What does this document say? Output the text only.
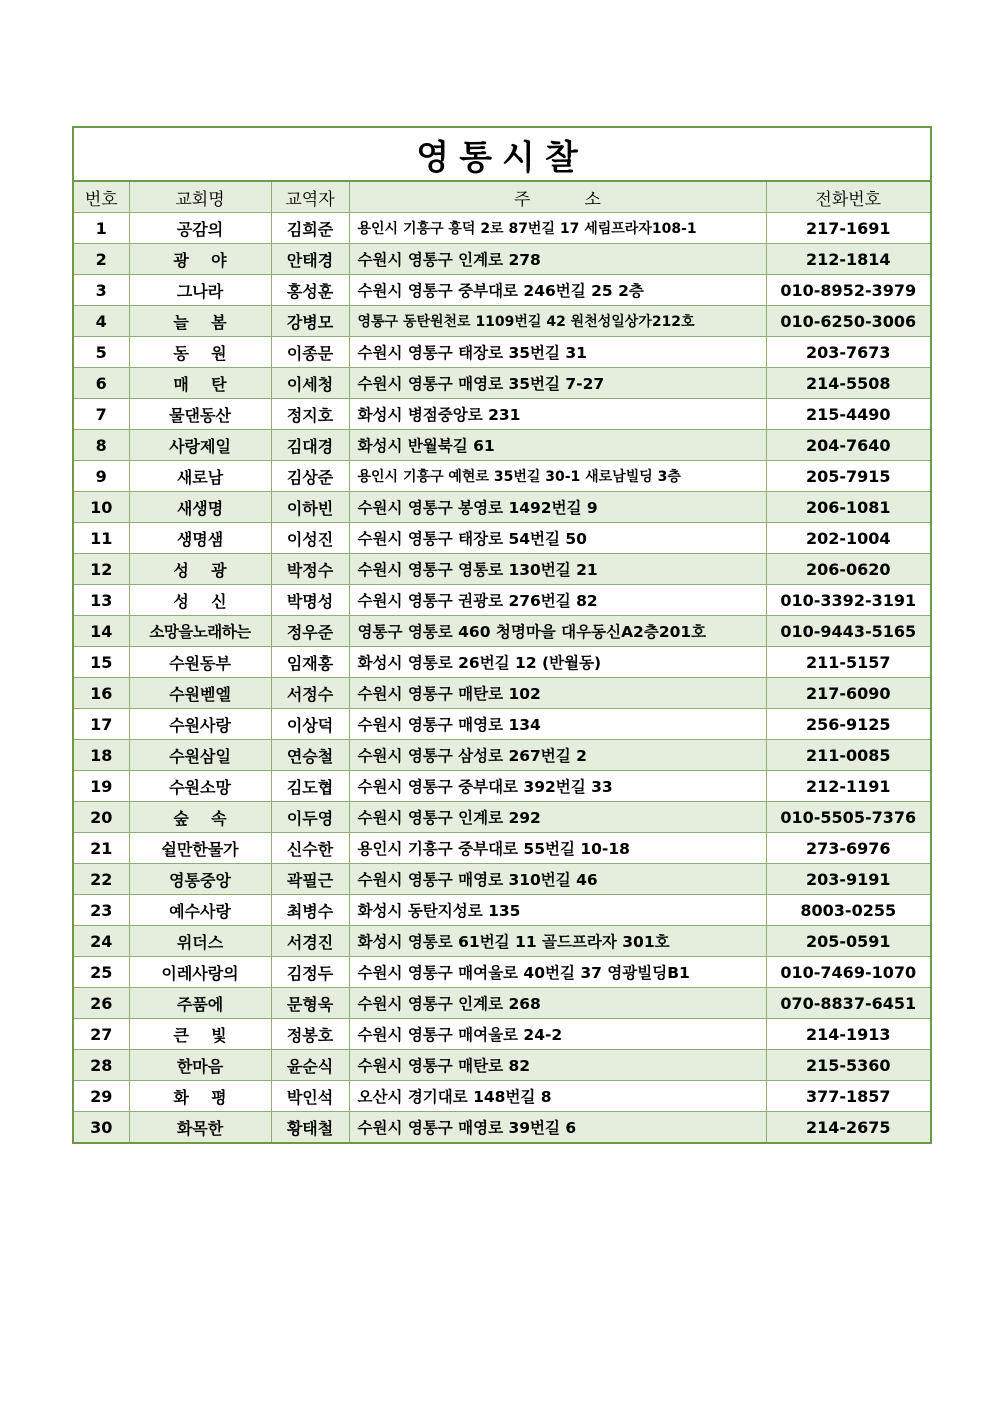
영통시찰
번호	교회명	교역자	주          소	전화번호
1	공감의	김희준	용인시 기흥구 흥덕 2로 87번길 17 세림프라자108-1	217-1691
2	광    야	안태경	수원시 영통구 인계로 278	212-1814
3	그나라	홍성훈	수원시 영통구 중부대로 246번길 25 2층	010-8952-3979
4	늘    봄	강병모	영통구 동탄원천로 1109번길 42 원천성일상가212호	010-6250-3006
5	동    원	이종문	수원시 영통구 태장로 35번길 31	203-7673
6	매    탄	이세청	수원시 영통구 매영로 35번길 7-27	214-5508
7	물댄동산	정지호	화성시 병점중앙로 231	215-4490
8	사랑제일	김대경	화성시 반월북길 61	204-7640
9	새로남	김상준	용인시 기흥구 예현로 35번길 30-1 새로남빌딩 3층	205-7915
10	새생명	이하빈	수원시 영통구 봉영로 1492번길 9	206-1081
11	생명샘	이성진	수원시 영통구 태장로 54번길 50	202-1004
12	성    광	박정수	수원시 영통구 영통로 130번길 21	206-0620
13	성    신	박명성	수원시 영통구 권광로 276번길 82	010-3392-3191
14	소망을노래하는	정우준	영통구 영통로 460 청명마을 대우동신A2층201호	010-9443-5165
15	수원동부	임재홍	화성시 영통로 26번길 12 (반월동)	211-5157
16	수원벧엘	서정수	수원시 영통구 매탄로 102	217-6090
17	수원사랑	이상덕	수원시 영통구 매영로 134	256-9125
18	수원삼일	연승철	수원시 영통구 삼성로 267번길 2	211-0085
19	수원소망	김도협	수원시 영통구 중부대로 392번길 33	212-1191
20	숲    속	이두영	수원시 영통구 인계로 292	010-5505-7376
21	쉴만한물가	신수한	용인시 기흥구 중부대로 55번길 10-18	273-6976
22	영통중앙	곽필근	수원시 영통구 매영로 310번길 46	203-9191
23	예수사랑	최병수	화성시 동탄지성로 135	8003-0255
24	위더스	서경진	화성시 영통로 61번길 11 골드프라자 301호	205-0591
25	이레사랑의	김정두	수원시 영통구 매여울로 40번길 37 영광빌딩B1	010-7469-1070
26	주품에	문형욱	수원시 영통구 인계로 268	070-8837-6451
27	큰    빛	정봉호	수원시 영통구 매여울로 24-2	214-1913
28	한마음	윤순식	수원시 영통구 매탄로 82	215-5360
29	화    평	박인석	오산시 경기대로 148번길 8	377-1857
30	화목한	황태철	수원시 영통구 매영로 39번길 6	214-2675
